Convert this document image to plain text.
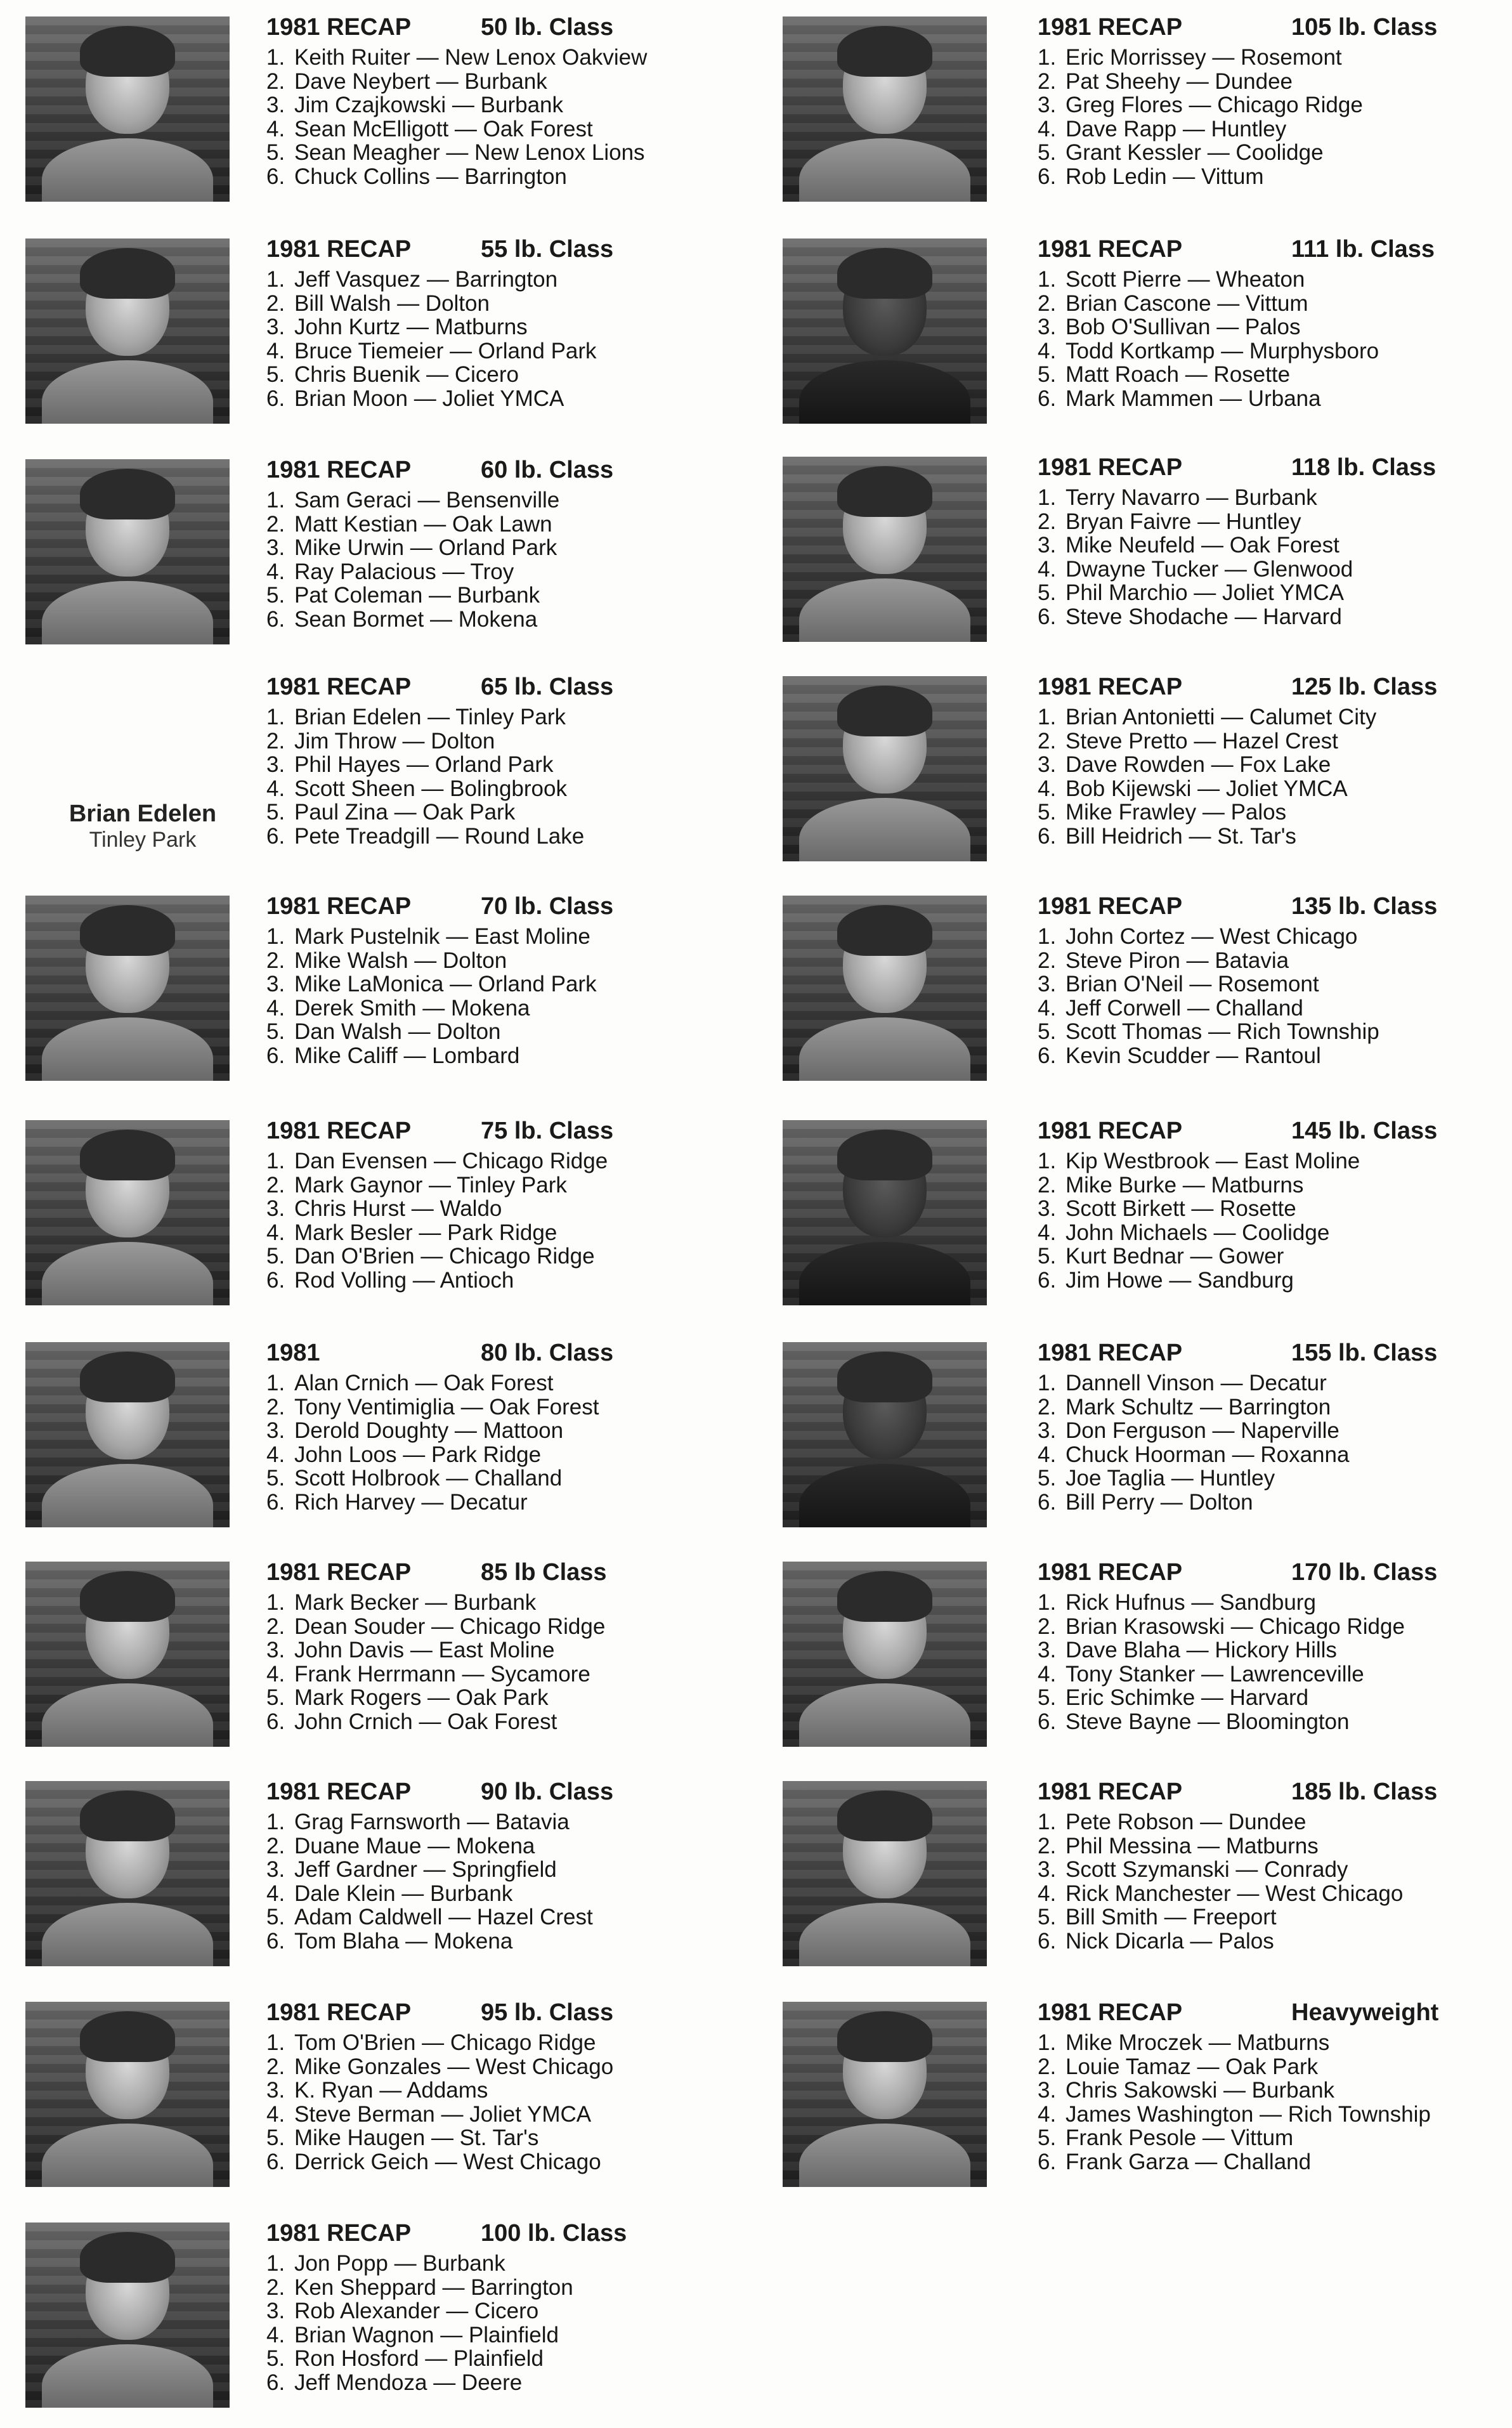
1981 RECAP	50 lb. Class
1. Keith Ruiter — New Lenox Oakview
2. Dave Neybert — Burbank
3. Jim Czajkowski — Burbank
4. Sean McElligott — Oak Forest
5. Sean Meagher — New Lenox Lions
6. Chuck Collins — Barrington
1981 RECAP	55 lb. Class
1. Jeff Vasquez — Barrington
2. Bill Walsh — Dolton
3. John Kurtz — Matburns
4. Bruce Tiemeier — Orland Park
5. Chris Buenik — Cicero
6. Brian Moon — Joliet YMCA
1981 RECAP	60 lb. Class
1. Sam Geraci — Bensenville
2. Matt Kestian — Oak Lawn
3. Mike Urwin — Orland Park
4. Ray Palacious — Troy
5. Pat Coleman — Burbank
6. Sean Bormet — Mokena
Brian Edelen
Tinley Park
1981 RECAP	65 lb. Class
1. Brian Edelen — Tinley Park
2. Jim Throw — Dolton
3. Phil Hayes — Orland Park
4. Scott Sheen — Bolingbrook
5. Paul Zina — Oak Park
6. Pete Treadgill — Round Lake
1981 RECAP	70 lb. Class
1. Mark Pustelnik — East Moline
2. Mike Walsh — Dolton
3. Mike LaMonica — Orland Park
4. Derek Smith — Mokena
5. Dan Walsh — Dolton
6. Mike Califf — Lombard
1981 RECAP	75 lb. Class
1. Dan Evensen — Chicago Ridge
2. Mark Gaynor — Tinley Park
3. Chris Hurst — Waldo
4. Mark Besler — Park Ridge
5. Dan O'Brien — Chicago Ridge
6. Rod Volling — Antioch
1981	80 lb. Class
1. Alan Crnich — Oak Forest
2. Tony Ventimiglia — Oak Forest
3. Derold Doughty — Mattoon
4. John Loos — Park Ridge
5. Scott Holbrook — Challand
6. Rich Harvey — Decatur
1981 RECAP	85 lb Class
1. Mark Becker — Burbank
2. Dean Souder — Chicago Ridge
3. John Davis — East Moline
4. Frank Herrmann — Sycamore
5. Mark Rogers — Oak Park
6. John Crnich — Oak Forest
1981 RECAP	90 lb. Class
1. Grag Farnsworth — Batavia
2. Duane Maue — Mokena
3. Jeff Gardner — Springfield
4. Dale Klein — Burbank
5. Adam Caldwell — Hazel Crest
6. Tom Blaha — Mokena
1981 RECAP	95 lb. Class
1. Tom O'Brien — Chicago Ridge
2. Mike Gonzales — West Chicago
3. K. Ryan — Addams
4. Steve Berman — Joliet YMCA
5. Mike Haugen — St. Tar's
6. Derrick Geich — West Chicago
1981 RECAP	100 lb. Class
1. Jon Popp — Burbank
2. Ken Sheppard — Barrington
3. Rob Alexander — Cicero
4. Brian Wagnon — Plainfield
5. Ron Hosford — Plainfield
6. Jeff Mendoza — Deere
1981 RECAP	105 lb. Class
1. Eric Morrissey — Rosemont
2. Pat Sheehy — Dundee
3. Greg Flores — Chicago Ridge
4. Dave Rapp — Huntley
5. Grant Kessler — Coolidge
6. Rob Ledin — Vittum
1981 RECAP	111 lb. Class
1. Scott Pierre — Wheaton
2. Brian Cascone — Vittum
3. Bob O'Sullivan — Palos
4. Todd Kortkamp — Murphysboro
5. Matt Roach — Rosette
6. Mark Mammen — Urbana
1981 RECAP	118 lb. Class
1. Terry Navarro — Burbank
2. Bryan Faivre — Huntley
3. Mike Neufeld — Oak Forest
4. Dwayne Tucker — Glenwood
5. Phil Marchio — Joliet YMCA
6. Steve Shodache — Harvard
1981 RECAP	125 lb. Class
1. Brian Antonietti — Calumet City
2. Steve Pretto — Hazel Crest
3. Dave Rowden — Fox Lake
4. Bob Kijewski — Joliet YMCA
5. Mike Frawley — Palos
6. Bill Heidrich — St. Tar's
1981 RECAP	135 lb. Class
1. John Cortez — West Chicago
2. Steve Piron — Batavia
3. Brian O'Neil — Rosemont
4. Jeff Corwell — Challand
5. Scott Thomas — Rich Township
6. Kevin Scudder — Rantoul
1981 RECAP	145 lb. Class
1. Kip Westbrook — East Moline
2. Mike Burke — Matburns
3. Scott Birkett — Rosette
4. John Michaels — Coolidge
5. Kurt Bednar — Gower
6. Jim Howe — Sandburg
1981 RECAP	155 lb. Class
1. Dannell Vinson — Decatur
2. Mark Schultz — Barrington
3. Don Ferguson — Naperville
4. Chuck Hoorman — Roxanna
5. Joe Taglia — Huntley
6. Bill Perry — Dolton
1981 RECAP	170 lb. Class
1. Rick Hufnus — Sandburg
2. Brian Krasowski — Chicago Ridge
3. Dave Blaha — Hickory Hills
4. Tony Stanker — Lawrenceville
5. Eric Schimke — Harvard
6. Steve Bayne — Bloomington
1981 RECAP	185 lb. Class
1. Pete Robson — Dundee
2. Phil Messina — Matburns
3. Scott Szymanski — Conrady
4. Rick Manchester — West Chicago
5. Bill Smith — Freeport
6. Nick Dicarla — Palos
1981 RECAP	Heavyweight
1. Mike Mroczek — Matburns
2. Louie Tamaz — Oak Park
3. Chris Sakowski — Burbank
4. James Washington — Rich Township
5. Frank Pesole — Vittum
6. Frank Garza — Challand
